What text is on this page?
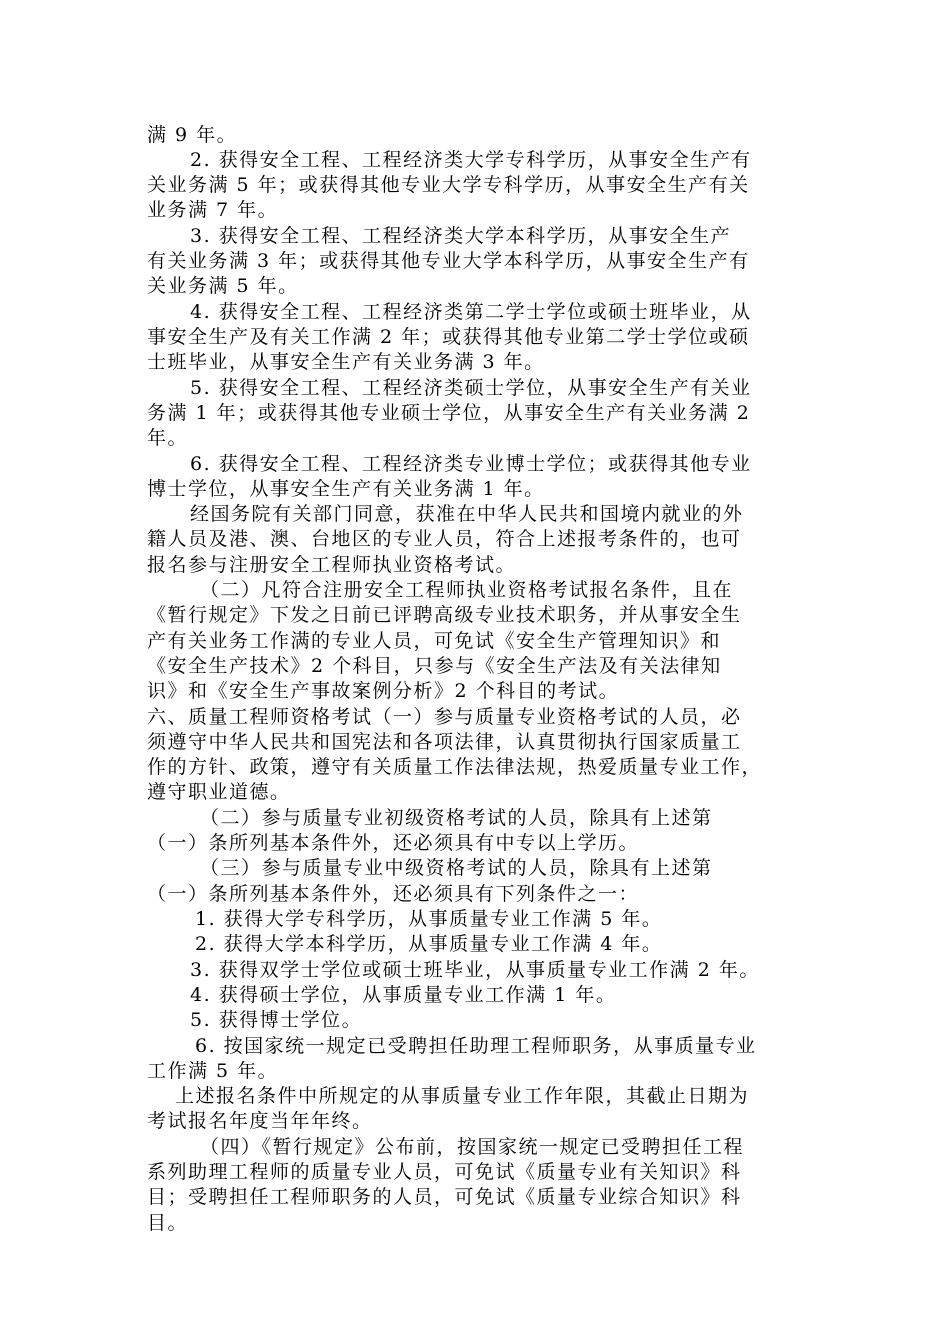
满 9 年。
2. 获得安全工程、工程经济类大学专科学历，从事安全生产有
关业务满 5 年；或获得其他专业大学专科学历，从事安全生产有关
业务满 7 年。
3. 获得安全工程、工程经济类大学本科学历，从事安全生产
有关业务满 3 年；或获得其他专业大学本科学历，从事安全生产有
关业务满 5 年。
4. 获得安全工程、工程经济类第二学士学位或硕士班毕业，从
事安全生产及有关工作满 2 年；或获得其他专业第二学士学位或硕
士班毕业，从事安全生产有关业务满 3 年。
5. 获得安全工程、工程经济类硕士学位，从事安全生产有关业
务满 1 年；或获得其他专业硕士学位，从事安全生产有关业务满 2
年。
6. 获得安全工程、工程经济类专业博士学位；或获得其他专业
博士学位，从事安全生产有关业务满 1 年。
经国务院有关部门同意，获准在中华人民共和国境内就业的外
籍人员及港、澳、台地区的专业人员，符合上述报考条件的，也可
报名参与注册安全工程师执业资格考试。
（二）凡符合注册安全工程师执业资格考试报名条件，且在
《暂行规定》下发之日前已评聘高级专业技术职务，并从事安全生
产有关业务工作满的专业人员，可免试《安全生产管理知识》和
《安全生产技术》2 个科目，只参与《安全生产法及有关法律知
识》和《安全生产事故案例分析》2 个科目的考试。
六、质量工程师资格考试（一）参与质量专业资格考试的人员，必
须遵守中华人民共和国宪法和各项法律，认真贯彻执行国家质量工
作的方针、政策，遵守有关质量工作法律法规，热爱质量专业工作，
遵守职业道德。
（二）参与质量专业初级资格考试的人员，除具有上述第
（一）条所列基本条件外，还必须具有中专以上学历。
（三）参与质量专业中级资格考试的人员，除具有上述第
（一）条所列基本条件外，还必须具有下列条件之一：
1. 获得大学专科学历，从事质量专业工作满 5 年。
2. 获得大学本科学历，从事质量专业工作满 4 年。
3. 获得双学士学位或硕士班毕业，从事质量专业工作满 2 年。
4. 获得硕士学位，从事质量专业工作满 1 年。
5. 获得博士学位。
6. 按国家统一规定已受聘担任助理工程师职务，从事质量专业
工作满 5 年。
上述报名条件中所规定的从事质量专业工作年限，其截止日期为
考试报名年度当年年终。
（四）《暂行规定》公布前，按国家统一规定已受聘担任工程
系列助理工程师的质量专业人员，可免试《质量专业有关知识》科
目；受聘担任工程师职务的人员，可免试《质量专业综合知识》科
目。
